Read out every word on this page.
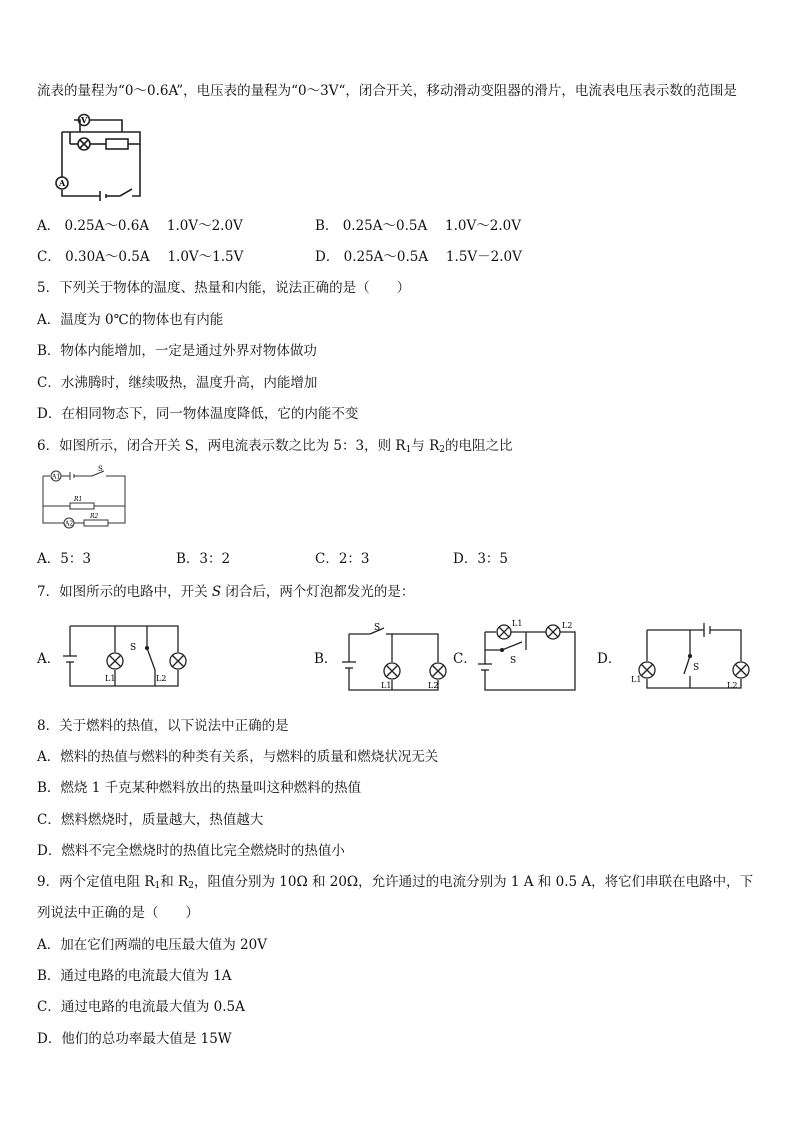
流表的量程为“0～0.6A”，电压表的量程为“0～3V“，闭合开关，移动滑动变阻器的滑片，电流表电压表示数的范围是
V
A
A． 0.25A～0.6A　 1.0V～2.0V	B． 0.25A～0.5A　 1.0V～2.0V
C． 0.30A～0.5A　 1.0V～1.5V	D． 0.25A～0.5A　 1.5V－2.0V
5．下列关于物体的温度、热量和内能，说法正确的是（　　）
A．温度为 0℃的物体也有内能
B．物体内能增加，一定是通过外界对物体做功
C．水沸腾时，继续吸热，温度升高，内能增加
D．在相同物态下，同一物体温度降低，它的内能不变
6．如图所示，闭合开关 S，两电流表示数之比为 5：3，则 $R_1$与 $R_2$的电阻之比
A1
S
R1
A2
R2
A．5：3	B．3：2	C．2：3	D．3：5
7．如图所示的电路中，开关 S 闭合后，两个灯泡都发光的是：
A．
S
L1	L2
B．
S
L1	L2
C．
L1	L2
S	D．
S
L1
L2
8．关于燃料的热值，以下说法中正确的是
A．燃料的热值与燃料的种类有关系，与燃料的质量和燃烧状况无关
B．燃烧 1 千克某种燃料放出的热量叫这种燃料的热值
C．燃料燃烧时，质量越大，热值越大
D．燃料不完全燃烧时的热值比完全燃烧时的热值小
9．两个定值电阻 $R_1$和 $R_2$，阻值分别为 10Ω 和 20Ω，允许通过的电流分别为 1 A 和 0.5 A，将它们串联在电路中，下
列说法中正确的是（　　）
A．加在它们两端的电压最大值为 20V
B．通过电路的电流最大值为 1A
C．通过电路的电流最大值为 0.5A
D．他们的总功率最大值是 15W
